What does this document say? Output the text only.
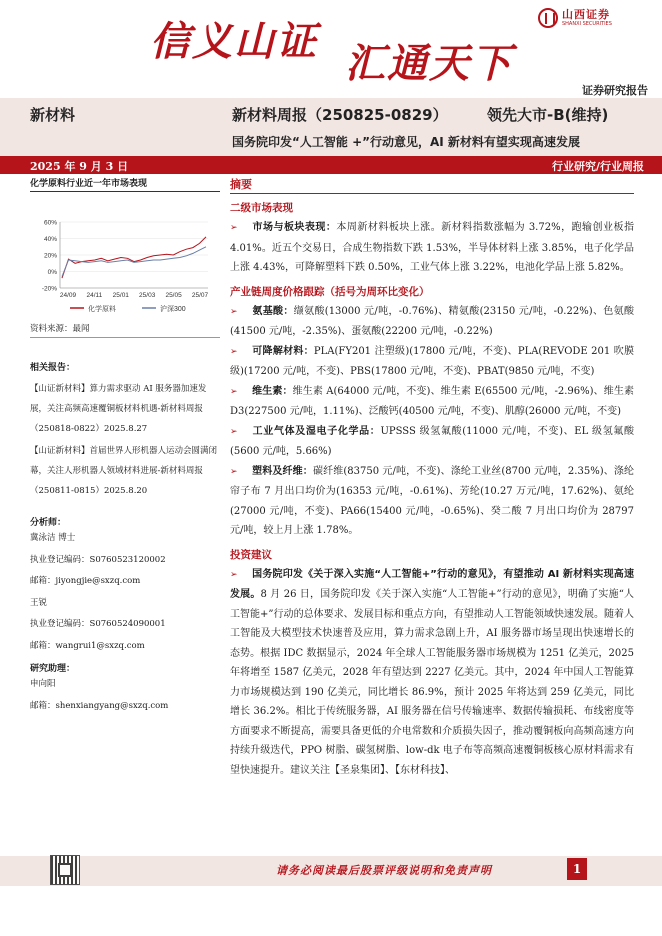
信义山证 汇通天下
山西证券
SHANXI SECURITIES
证券研究报告
新材料	新材料周报（250825-0829）	领先大市-B(维持)
国务院印发“人工智能 +”行动意见，AI 新材料有望实现高速发展
2025 年 9 月 3 日	行业研究/行业周报
化学原料行业近一年市场表现
60%
40%
20%
0%
-20%
24/09 24/11 25/01 25/03 25/05 25/07
化学原料	沪深300
资料来源：最闻
相关报告：
【山证新材料】算力需求驱动 AI 服务器加速发展，关注高频高速覆铜板材料机遇-新材料周报（250818-0822）2025.8.27
【山证新材料】首届世界人形机器人运动会圆满闭幕，关注人形机器人领域材料进展-新材料周报（250811-0815）2025.8.20
分析师：
冀泳洁 博士
执业登记编码：S0760523120002
邮箱：jiyongjie@sxzq.com
王锐
执业登记编码：S0760524090001
邮箱：wangrui1@sxzq.com
研究助理：
申向阳
邮箱：shenxiangyang@sxzq.com
摘要
二级市场表现
➢ 市场与板块表现：本周新材料板块上涨。新材料指数涨幅为 3.72%，跑输创业板指 4.01%。近五个交易日，合成生物指数下跌 1.53%，半导体材料上涨 3.85%，电子化学品上涨 4.43%，可降解塑料下跌 0.50%，工业气体上涨 3.22%，电池化学品上涨 5.82%。
产业链周度价格跟踪（括号为周环比变化）
➢ 氨基酸：缬氨酸(13000 元/吨，-0.76%)、精氨酸(23150 元/吨，-0.22%)、色氨酸(41500 元/吨，-2.35%)、蛋氨酸(22200 元/吨，-0.22%)
➢ 可降解材料：PLA(FY201 注塑级)(17800 元/吨，不变)、PLA(REVODE 201 吹膜级)(17200 元/吨，不变)、PBS(17800 元/吨，不变)、PBAT(9850 元/吨，不变)
➢ 维生素：维生素 A(64000 元/吨，不变)、维生素 E(65500 元/吨，-2.96%)、维生素 D3(227500 元/吨，1.11%)、泛酸钙(40500 元/吨，不变)、肌醇(26000 元/吨，不变)
➢ 工业气体及湿电子化学品：UPSSS 级氢氟酸(11000 元/吨，不变)、EL 级氢氟酸(5600 元/吨，5.66%)
➢ 塑料及纤维：碳纤维(83750 元/吨，不变)、涤纶工业丝(8700 元/吨，2.35%)、涤纶帘子布 7 月出口均价为(16353 元/吨，-0.61%)、芳纶(10.27 万元/吨，17.62%)、氨纶(27000 元/吨，不变)、PA66(15400 元/吨，-0.65%)、癸二酸 7 月出口均价为 28797 元/吨，较上月上涨 1.78%。
投资建议
➢ 国务院印发《关于深入实施“人工智能+”行动的意见》，有望推动 AI 新材料实现高速发展。8 月 26 日，国务院印发《关于深入实施“人工智能+”行动的意见》，明确了实施“人工智能+”行动的总体要求、发展目标和重点方向，有望推动人工智能领域快速发展。随着人工智能及大模型技术快速普及应用，算力需求急剧上升，AI 服务器市场呈现出快速增长的态势。根据 IDC 数据显示，2024 年全球人工智能服务器市场规模为 1251 亿美元，2025 年将增至 1587 亿美元，2028 年有望达到 2227 亿美元。其中，2024 年中国人工智能算力市场规模达到 190 亿美元，同比增长 86.9%，预计 2025 年将达到 259 亿美元，同比增长 36.2%。相比于传统服务器，AI 服务器在信号传输速率、数据传输损耗、布线密度等方面要求不断提高，需要具备更低的介电常数和介质损失因子，推动覆铜板向高频高速方向持续升级迭代，PPO 树脂、碳氢树脂、low-dk 电子布等高频高速覆铜板核心原材料需求有望快速提升。建议关注【圣泉集团】、【东材科技】、
请务必阅读最后股票评级说明和免责声明	1
